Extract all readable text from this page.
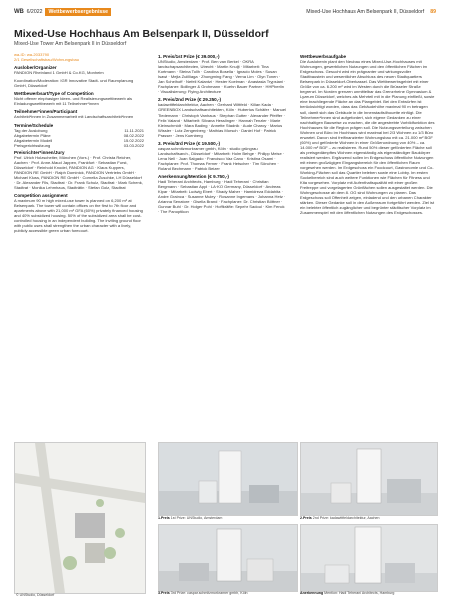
WB 6/2022	Wettbewerbsergebnisse	Mixed-Use Hochhaus Am Belsenpark II, Düsseldorf 89
Mixed-Use Hochhaus Am Belsenpark II, Düsseldorf
Mixed-Use Tower Am Belsenpark II in Düsseldorf

wa-ID: wa-2033790
2/1 Gesellschaftsbau/Wohnungsbau

Auslober/Organizer

PANDION Rheinland 1 GmbH & Co.KG, Monheim

Koordination/Moderation: IGR Innovative Stadt- und Raumplanung GmbH, Düsseldorf

Wettbewerbsart/Type of Competition

Nicht offener einphasiger Ideen- und Realisierungswettbewerb als Einladungswettbewerb mit 11 Teilnehmer*innen

Teilnehmer*innen/Participant

Architekt*innen in Zusammenarbeit mit Landschaftsarchitekt*innen

Termine/Schedule
Tag der Auslobung	11.11.2021
Abgabetermin Pläne	08.02.2022
Abgabetermin Modell	15.02.2022
Preisgerichtssitzung	03.03.2022
Preisrichter*innen/Jury

Prof. Ulrich Holzscheiter, München (Vors.) · Prof. Christa Reicher, Aachen · Prof. Anne-Maud Jappen, Frankfurt · Sebastian Furst, Düsseldorf · Reinhold Knodel, PANDION AG · Klaus Kuppers, PANDION RE GmbH · Ralph Dominick, PANDION Vertriebs GmbH · Michael Kluss, PANDION RE GmbH · Cornelia Zuschke, LH Düsseldorf · Dr. Alexander Fils, Stadtrat · Dr. Frank Schulz, Stadtrat · Mark Schenk, Stadtrat · Monika Lehmhaus, Stadträtin · Stefan Golz, Stadtrat

Competition assignment

A maximum 90 m high mixed-use tower is planned on 6,200 m² at Belsenpark. The tower will contain offices on the first to 7th floor and apartments above with 21,000 m² GFA (60%) privately financed housing and 40% subsidized housing. 50% of the subsidized area shall be cost-controlled housing in an independent building. The inviting ground floor with public uses shall strengthen the urban character with a lively, publicly accessible green urban forecourt.

1. Preis/1st Prize (€ 39.000,-)

UNStudio, Amsterdam · Prof. Ben van Berkel · OKRA landschapsarchitecten, Utrecht · Martin Knuijt · Mitarbeit: Tina Kortmann · Steina Tollh · Carolina Bosella · Ignacio Moles · Susan Isawi · Mejia Zuiilliaga · Zhongming Fang · Verna Lim · Olyn Tonen · Jan Schelhoff · Nefeli Kalantzi · Hester Koelman · Anastasia Trypsiani · Fachplaner: Bollinger & Grohmann · Kuehn Bauer Partner · HHPberlin · Visualisierung: Flying Architecture

2. Preis/2nd Prize (€ 29.250,-)

kadawittfeldarchitektur, Aachen · Gerhard Wittfeld · Kilian Kada · GREENBOX Landschaftsarchitekten, Köln · Hubertus Schäfer · Manuel Tiedemann · Christoph Vanhaus · Stephan Gutter · Alexander Pfeiffer · Felix Valand · Mitarbeit: Silvana Hesslinger · Hannah Tenzler · Marie Kleinschmidt · Mara Bading · Annette Stadnik · Aude Charoy · Marius Wissler · Lutz Zengenberg · Mathias Morsch · Daniel Hof · Patrick Prasser · Jens Kuenberg

3. Preis/3rd Prize (€ 19.500,-)

caspar.schmitzmorkramer gmbh, Köln · studio grüngrau Landschaftsarch., Düsseldorf · Mitarbeit: Holm Behge · Philipp Meise · Lena Nell · Juan Salgado · Francisco Vaz Cano · Kristina Osami · Fachplaner: Prof. Thomas Ferner · Frank Hetscher · Tim Sönchen · Roland Bechmann · Patrick Beizer

Anerkennung/Mention (€ 9.750,-)

Hadi Teherani Architects, Hamburg · Hadi Teherani · Christian Bergmann · Sebastian Appl · LA·KO Germany, Düsseldorf · Andreas Kipar · Mitarbeit: Ludwig Ebert · Shady Maher · Hamidreza Eddahita · Andre Grainca · Susanne Muley · Rosanne Ingemans · Johanna Hetz · Arianna Senatore · Gisella Brand · Fachplaner: Dr. Christian Böttner · Gunnar Buhl · Dr. Holger Pohl · Hoffkräfte: Sepehr Sadoul · Kim Fenck · The Panoptikon

Wettbewerbsaufgabe

Die Auslobenin plant den Neubau eines Mixed-Use-Hochhauses mit Wohnungen, gewerblichen Nutzungen und den öffentlichen Flächen im Erdgeschoss. Gesucht wird ein prägnanter und wirkungsvoller Stadtbaustein und wesentlicher Abschluss des neuen Stadtquartiers Belsenpark in Düsseldorf-Oberkassel. Das Wettbewerbsgebiet mit einer Größe von ca. 6.200 m² wird im Westen durch die Brüsseler Straße begrenzt. Im Norden grenzen unmittelbar das Grenzrheine Gymnasium & Lyzeum Düsseldorf, welches als Mehrteil mit in die Planung einfließt, sowie eine brachliegende Fläche an das Plangebiet. Bei den Entwürfen ist berücksichtigt worden, dass das Gebäudehöhe maximal 90 m betragen soll, damit sich das Gebäude in die Innenstadtsilhouette einfügt. Die Teilnehmer*innen sind aufgefordert, sich eigene Gedanken zu einer nachhaltigen Bauweise zu machen, die die angestrebte Vorbildfunktion des Hochhauses für die Region prägen soll. Die Nutzungsverteilung zwischen Wohnen und Büro im Hochhaus wird maximal bei 2/3 Wohnen zu 1/3 Büro erwartet. Davon sind freifinanzierter Wohnungsbau mit ca. 21.000 m² BGF (60%) und geförderte Wohnen in einer Größenordnung von 40% – ca. 14.000 m² BGF – zu realisieren. Rund 50% dieser geförderten Fläche soll als preisgedämpftes Wohnen eigenständig als eigenständiger Baukörper realisiert werden. Ergänzend sollen im Erdgeschoss öffentliche Nutzungen mit einem großzügigen Eingangsbereich für den öffentlichen Raum vorgesehen werden. Im Erdgeschoss ein Foodcourt, Gastronomie und Co-Working-Flächen soll das Quartier beleben sowie eine Lobby. Im ersten Sockelbereich sind auch weitere Funktionen wie Flächen für Fitness und Kita vorgesehen. Vorplatz mit Aufenthaltsqualität mit einer großen Freitreppe und vorgelagerten Grünflächen sollen ausgestaltet werden. Die Wohngeschosse ab dem 8. OG sind Wohnungen zu planen. Das Erdgeschoss soll Offenheit zeigen, einladend und den urbanen Charakter stärken. Dieser Gedanke soll in den Außenraum fortgeführt werden. Ziel ist ein belebter öffentlich zugänglicher und begrünter städtischer Vorplatz im Zusammenspiel mit den öffentlichen Nutzungen des Erdgeschosses.

© UNStudio, Düsseldorf
1.Preis 1st Prize: UNStudio, Amsterdam	2.Preis 2nd Prize: kadawittfeldarchitektur, Aachen
3.Preis 3rd Prize: caspar.schmitzmorkramer gmbh, Köln	Anerkennung Mention: Hadi Teherani Architects, Hamburg
